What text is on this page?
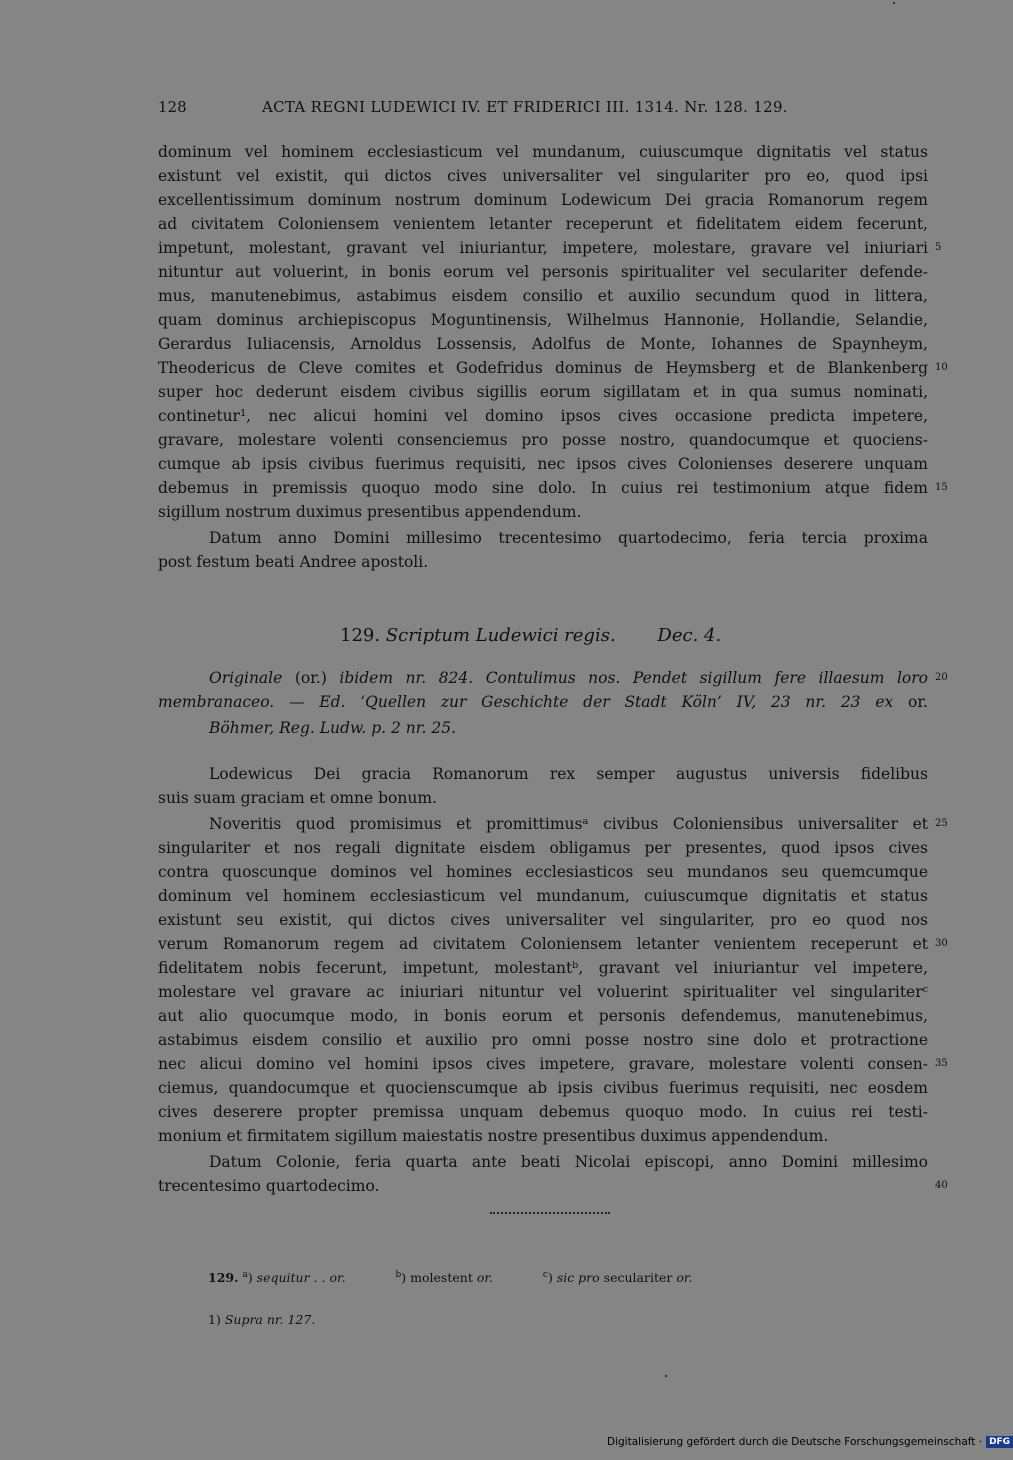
128	ACTA REGNI LUDEWICI IV. ET FRIDERICI III. 1314. Nr. 128. 129.
dominum vel hominem ecclesiasticum vel mundanum, cuiuscumque dignitatis vel status
existunt vel existit, qui dictos cives universaliter vel singulariter pro eo, quod ipsi
excellentissimum dominum nostrum dominum Lodewicum Dei gracia Romanorum regem
ad civitatem Coloniensem venientem letanter receperunt et fidelitatem eidem fecerunt,
impetunt, molestant, gravant vel iniuriantur, impetere, molestare, gravare vel iniuriari 5
nituntur aut voluerint, in bonis eorum vel personis spiritualiter vel seculariter defende-
mus, manutenebimus, astabimus eisdem consilio et auxilio secundum quod in littera,
quam dominus archiepiscopus Moguntinensis, Wilhelmus Hannonie, Hollandie, Selandie,
Gerardus Iuliacensis, Arnoldus Lossensis, Adolfus de Monte, Iohannes de Spaynheym,
Theodericus de Cleve comites et Godefridus dominus de Heymsberg et de Blankenberg 10
super hoc dederunt eisdem civibus sigillis eorum sigillatam et in qua sumus nominati,
continetur¹, nec alicui homini vel domino ipsos cives occasione predicta impetere,
gravare, molestare volenti consenciemus pro posse nostro, quandocumque et quociens-
cumque ab ipsis civibus fuerimus requisiti, nec ipsos cives Colonienses deserere unquam
debemus in premissis quoquo modo sine dolo. In cuius rei testimonium atque fidem 15
sigillum nostrum duximus presentibus appendendum.
Datum anno Domini millesimo trecentesimo quartodecimo, feria tercia proxima
post festum beati Andree apostoli.
129. Scriptum Ludewici regis. Dec. 4.
Originale (or.) ibidem nr. 824. Contulimus nos. Pendet sigillum fere illaesum loro 20
membranaceo. — Ed. ‘Quellen zur Geschichte der Stadt Köln’ IV, 23 nr. 23 ex or.
Böhmer, Reg. Ludw. p. 2 nr. 25.
Lodewicus Dei gracia Romanorum rex semper augustus universis fidelibus
suis suam graciam et omne bonum.
Noveritis quod promisimus et promittimusᵃ civibus Coloniensibus universaliter et 25
singulariter et nos regali dignitate eisdem obligamus per presentes, quod ipsos cives
contra quoscunque dominos vel homines ecclesiasticos seu mundanos seu quemcumque
dominum vel hominem ecclesiasticum vel mundanum, cuiuscumque dignitatis et status
existunt seu existit, qui dictos cives universaliter vel singulariter, pro eo quod nos
verum Romanorum regem ad civitatem Coloniensem letanter venientem receperunt et 30
fidelitatem nobis fecerunt, impetunt, molestantᵇ, gravant vel iniuriantur vel impetere,
molestare vel gravare ac iniuriari nituntur vel voluerint spiritualiter vel singulariterᶜ
aut alio quocumque modo, in bonis eorum et personis defendemus, manutenebimus,
astabimus eisdem consilio et auxilio pro omni posse nostro sine dolo et protractione
nec alicui domino vel homini ipsos cives impetere, gravare, molestare volenti consen- 35
ciemus, quandocumque et quocienscumque ab ipsis civibus fuerimus requisiti, nec eosdem
cives deserere propter premissa unquam debemus quoquo modo. In cuius rei testi-
monium et firmitatem sigillum maiestatis nostre presentibus duximus appendendum.
Datum Colonie, feria quarta ante beati Nicolai episcopi, anno Domini millesimo
trecentesimo quartodecimo.	40
129. $^a$) sequitur . . or.	$^b$) molestent or.	$^c$) sic pro seculariter or.
1) Supra nr. 127.
Digitalisierung gefördert durch die Deutsche Forschungsgemeinschaft · DFG
